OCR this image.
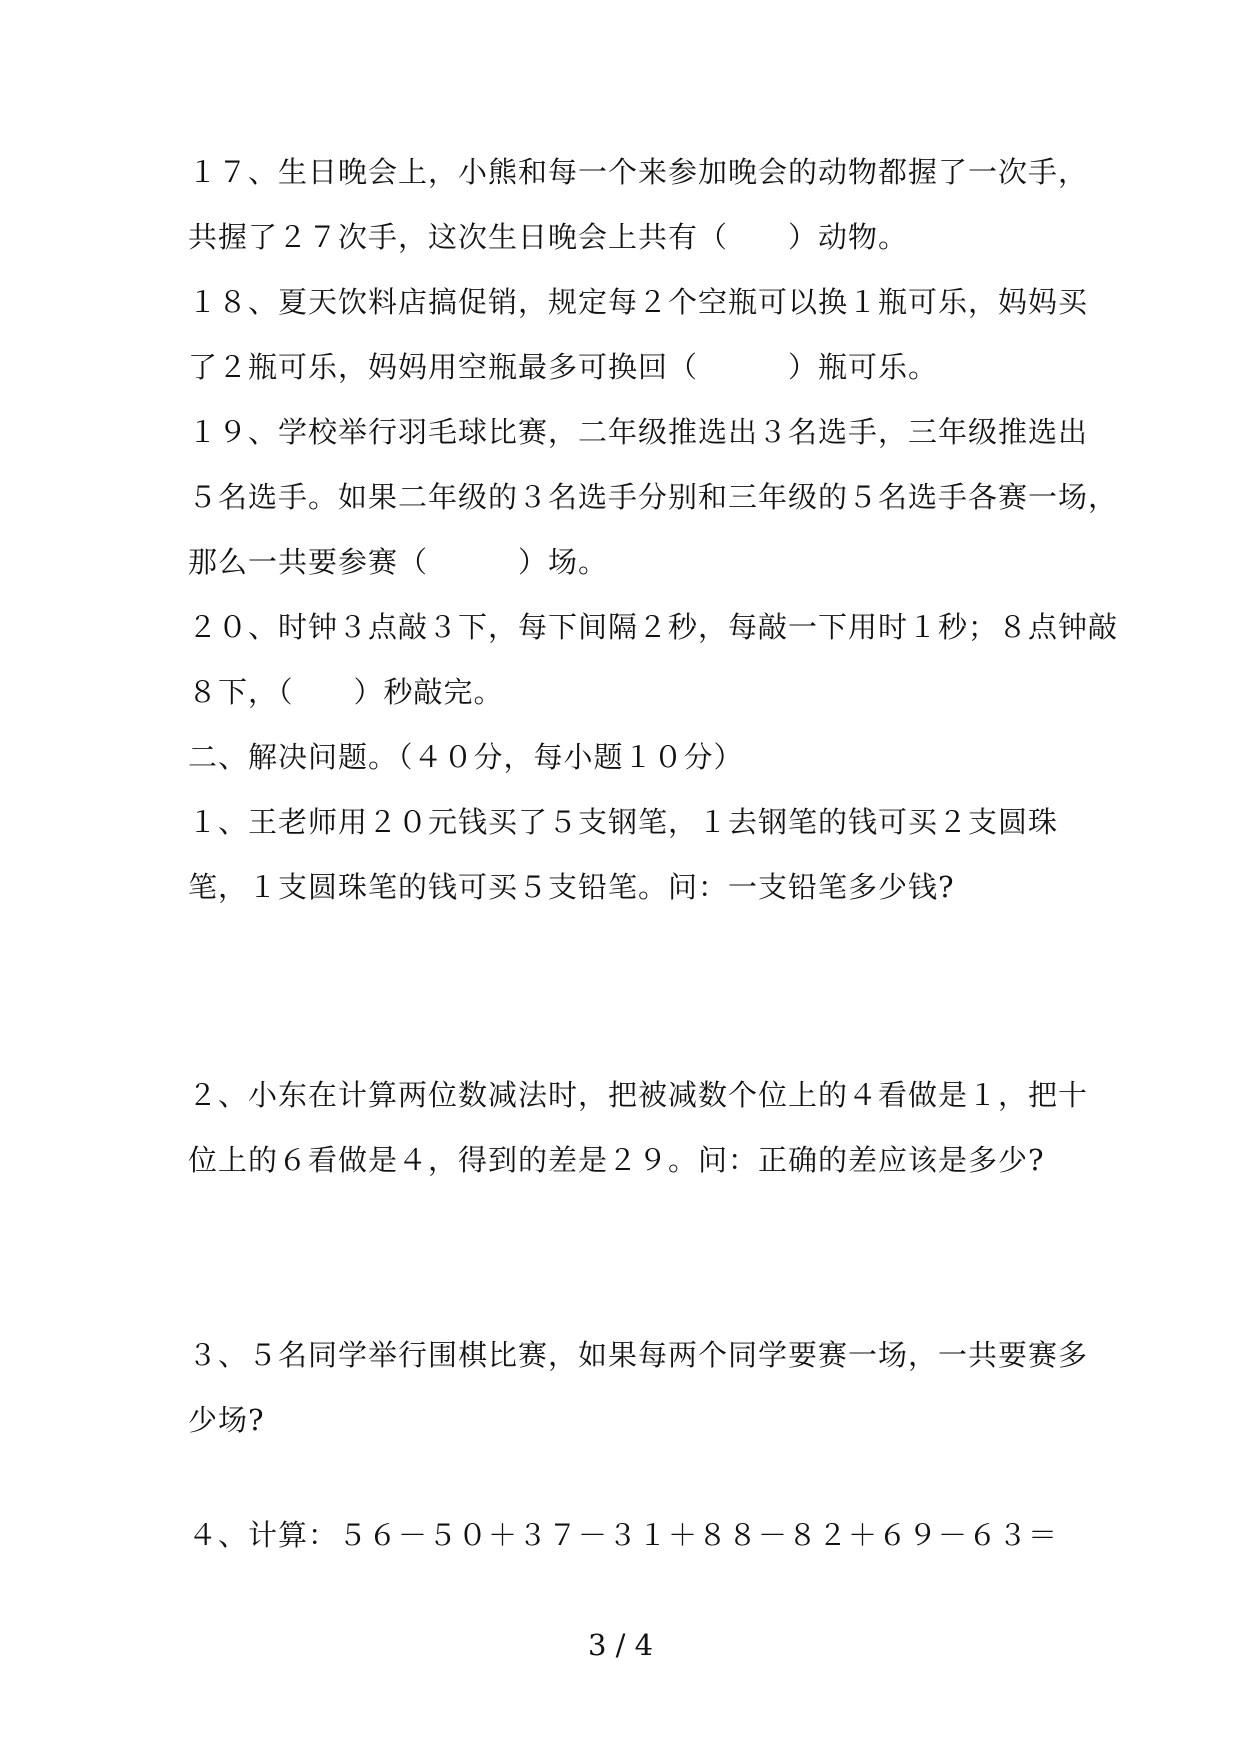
１７、生日晚会上，小熊和每一个来参加晚会的动物都握了一次手，
共握了２７次手，这次生日晚会上共有（　　）动物。
１８、夏天饮料店搞促销，规定每２个空瓶可以换１瓶可乐，妈妈买
了２瓶可乐，妈妈用空瓶最多可换回（　　　）瓶可乐。
１９、学校举行羽毛球比赛，二年级推选出３名选手，三年级推选出
５名选手。如果二年级的３名选手分别和三年级的５名选手各赛一场，
那么一共要参赛（　　　）场。
２０、时钟３点敲３下，每下间隔２秒，每敲一下用时１秒；８点钟敲
８下，（　　）秒敲完。
二、解决问题。（４０分，每小题１０分）
１、王老师用２０元钱买了５支钢笔，１去钢笔的钱可买２支圆珠
笔，１支圆珠笔的钱可买５支铅笔。问：一支铅笔多少钱?
２、小东在计算两位数减法时，把被减数个位上的４看做是１，把十
位上的６看做是４，得到的差是２９。问：正确的差应该是多少?
３、５名同学举行围棋比赛，如果每两个同学要赛一场，一共要赛多
少场?
４、计算：５６－５０＋３７－３１＋８８－８２＋６９－６３＝
3 / 4
